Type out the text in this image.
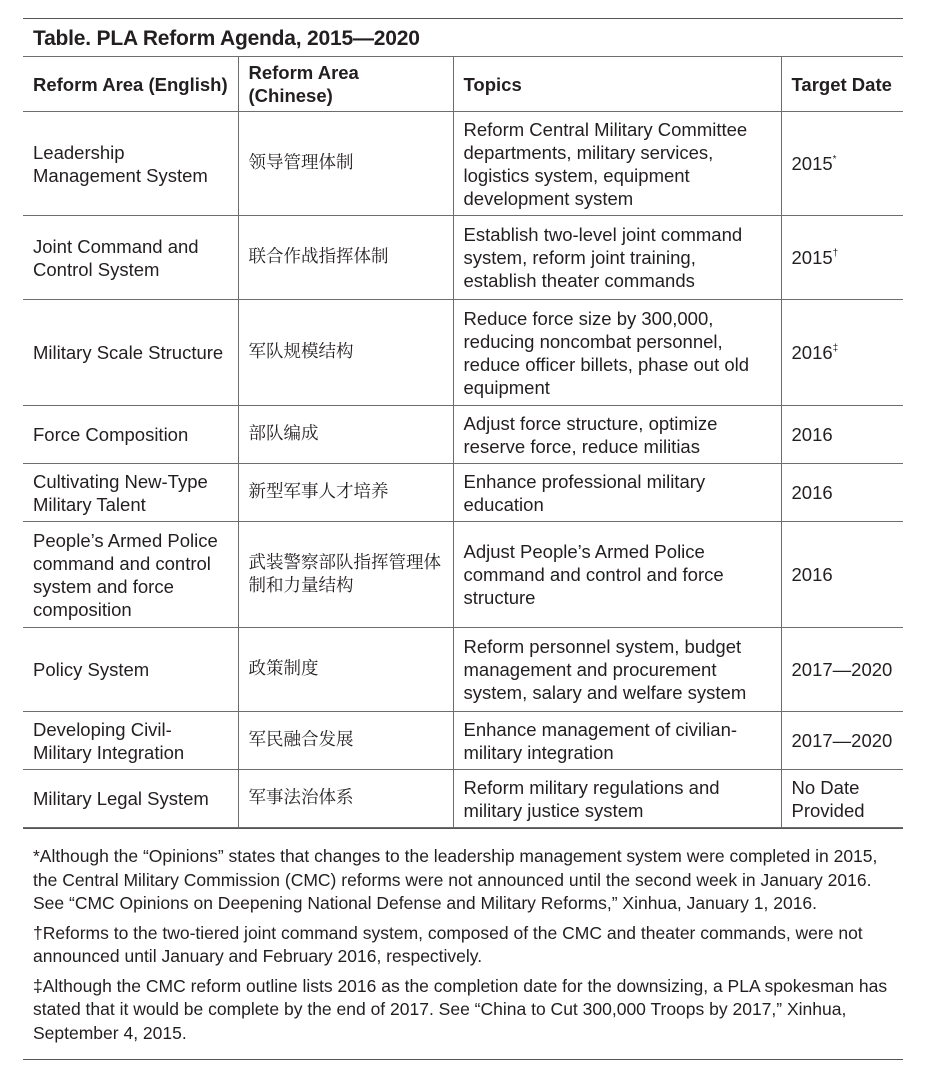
Table. PLA Reform Agenda, 2015—2020
Reform Area (English)	Reform Area (Chinese)	Topics	Target Date
Leadership Management System	领导管理体制	Reform Central Military Committee departments, military services, logistics system, equipment development system	2015*
Joint Command and Control System	联合作战指挥体制	Establish two-level joint command system, reform joint training, establish theater commands	2015†
Military Scale Structure	军队规模结构	Reduce force size by 300,000, reducing noncombat personnel, reduce officer billets, phase out old equipment	2016‡
Force Composition	部队编成	Adjust force structure, optimize reserve force, reduce militias	2016
Cultivating New-Type Military Talent	新型军事人才培养	Enhance professional military education	2016
People’s Armed Police command and control system and force composition	武装警察部队指挥管理体制和力量结构	Adjust People’s Armed Police command and control and force structure	2016
Policy System	政策制度	Reform personnel system, budget management and procurement system, salary and welfare system	2017—2020
Developing Civil-Military Integration	军民融合发展	Enhance management of civilian-military integration	2017—2020
Military Legal System	军事法治体系	Reform military regulations and military justice system	No Date Provided

*Although the “Opinions” states that changes to the leadership management system were completed in 2015, the Central Military Commission (CMC) reforms were not announced until the second week in January 2016. See “CMC Opinions on Deepening National Defense and Military Reforms,” Xinhua, January 1, 2016.

†Reforms to the two-tiered joint command system, composed of the CMC and theater commands, were not announced until January and February 2016, respectively.

‡Although the CMC reform outline lists 2016 as the completion date for the downsizing, a PLA spokesman has stated that it would be complete by the end of 2017. See “China to Cut 300,000 Troops by 2017,” Xinhua, September 4, 2015.
